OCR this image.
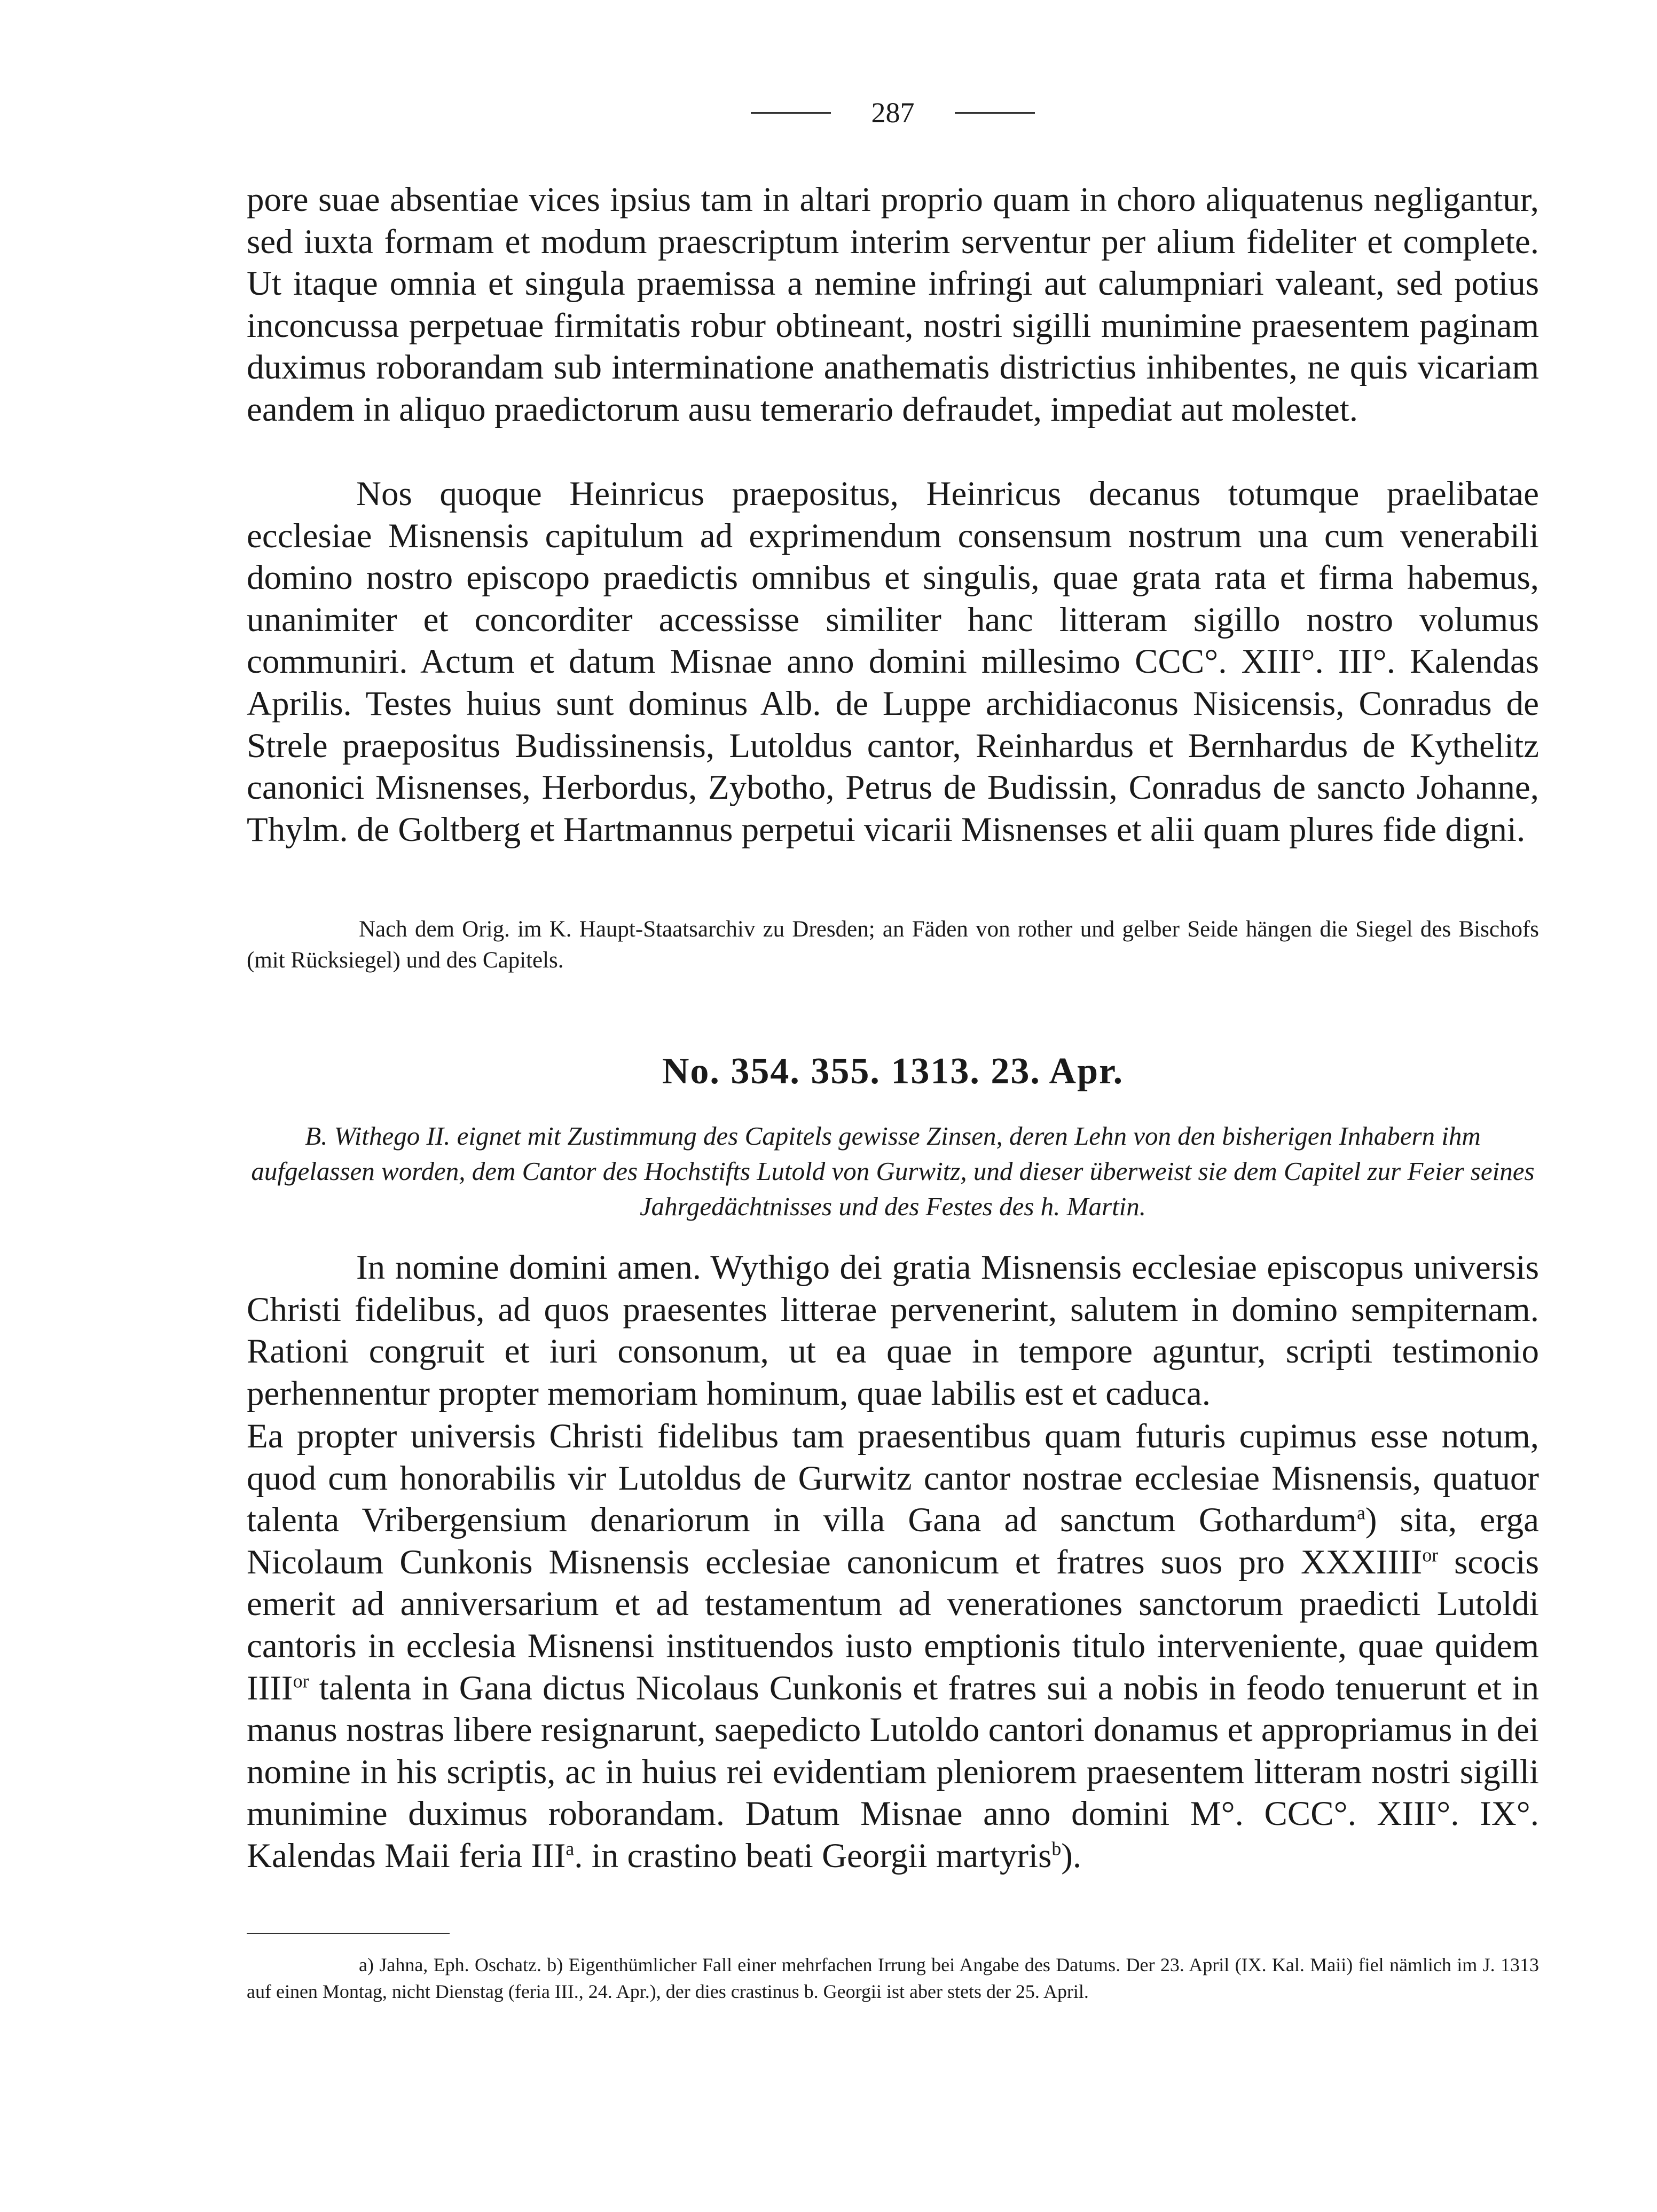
287

pore suae absentiae vices ipsius tam in altari proprio quam in choro aliquatenus negligantur, sed iuxta formam et modum praescriptum interim serventur per alium fideliter et complete. Ut itaque omnia et singula praemissa a nemine infringi aut calumpniari valeant, sed potius inconcussa perpetuae firmitatis robur obtineant, nostri sigilli munimine praesentem paginam duximus roborandam sub interminatione anathematis districtius inhibentes, ne quis vicariam eandem in aliquo praedictorum ausu temerario defraudet, impediat aut molestet.

Nos quoque Heinricus praepositus, Heinricus decanus totumque praelibatae ecclesiae Misnensis capitulum ad exprimendum consensum nostrum una cum venerabili domino nostro episcopo praedictis omnibus et singulis, quae grata rata et firma habemus, unanimiter et concorditer accessisse similiter hanc litteram sigillo nostro volumus communiri. Actum et datum Misnae anno domini millesimo CCC°. XIII°. III°. Kalendas Aprilis. Testes huius sunt dominus Alb. de Luppe archidiaconus Nisicensis, Conradus de Strele praepositus Budissinensis, Lutoldus cantor, Reinhardus et Bernhardus de Kythelitz canonici Misnenses, Herbordus, Zybotho, Petrus de Budissin, Conradus de sancto Johanne, Thylm. de Goltberg et Hartmannus perpetui vicarii Misnenses et alii quam plures fide digni.

Nach dem Orig. im K. Haupt-Staatsarchiv zu Dresden; an Fäden von rother und gelber Seide hängen die Siegel des Bischofs (mit Rücksiegel) und des Capitels.

No. 354. 355. 1313. 23. Apr.

B. Withego II. eignet mit Zustimmung des Capitels gewisse Zinsen, deren Lehn von den bisherigen Inhabern ihm aufgelassen worden, dem Cantor des Hochstifts Lutold von Gurwitz, und dieser überweist sie dem Capitel zur Feier seines Jahrgedächtnisses und des Festes des h. Martin.

In nomine domini amen. Wythigo dei gratia Misnensis ecclesiae episcopus universis Christi fidelibus, ad quos praesentes litterae pervenerint, salutem in domino sempiternam. Rationi congruit et iuri consonum, ut ea quae in tempore aguntur, scripti testimonio perhennentur propter memoriam hominum, quae labilis est et caduca.

Ea propter universis Christi fidelibus tam praesentibus quam futuris cupimus esse notum, quod cum honorabilis vir Lutoldus de Gurwitz cantor nostrae ecclesiae Misnensis, quatuor talenta Vribergensium denariorum in villa Gana ad sanctum Gothardum$^a$) sita, erga Nicolaum Cunkonis Misnensis ecclesiae canonicum et fratres suos pro $XXXIIII^{or}$ scocis emerit ad anniversarium et ad testamentum ad venerationes sanctorum praedicti Lutoldi cantoris in ecclesia Misnensi instituendos iusto emptionis titulo interveniente, quae quidem $IIII^{or}$ talenta in Gana dictus Nicolaus Cunkonis et fratres sui a nobis in feodo tenuerunt et in manus nostras libere resignarunt, saepedicto Lutoldo cantori donamus et appropriamus in dei nomine in his scriptis, ac in huius rei evidentiam pleniorem praesentem litteram nostri sigilli munimine duximus roborandam. Datum Misnae anno domini M°. CCC°. XIII°. IX°. Kalendas Maii feria III$^a$. in crastino beati Georgii martyris$^b$).

a) Jahna, Eph. Oschatz. b) Eigenthümlicher Fall einer mehrfachen Irrung bei Angabe des Datums. Der 23. April (IX. Kal. Maii) fiel nämlich im J. 1313 auf einen Montag, nicht Dienstag (feria III., 24. Apr.), der dies crastinus b. Georgii ist aber stets der 25. April.
